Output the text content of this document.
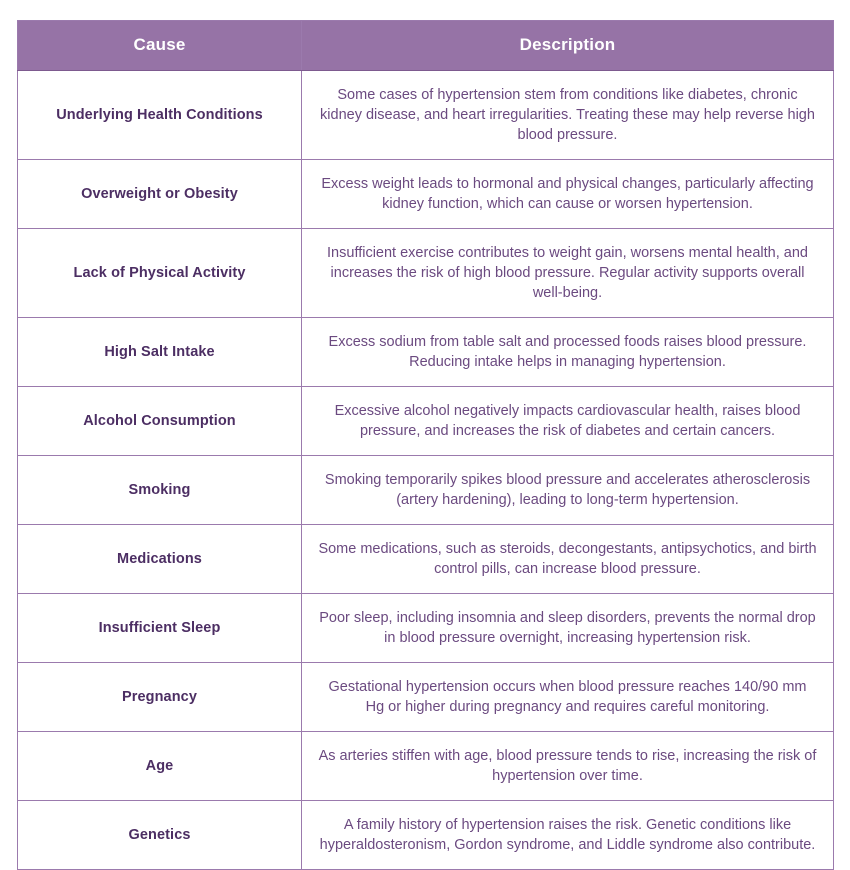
Cause	Description
Underlying Health Conditions	Some cases of hypertension stem from conditions like diabetes, chronic kidney disease, and heart irregularities. Treating these may help reverse high blood pressure.
Overweight or Obesity	Excess weight leads to hormonal and physical changes, particularly affecting kidney function, which can cause or worsen hypertension.
Lack of Physical Activity	Insufficient exercise contributes to weight gain, worsens mental health, and increases the risk of high blood pressure. Regular activity supports overall well-being.
High Salt Intake	Excess sodium from table salt and processed foods raises blood pressure. Reducing intake helps in managing hypertension.
Alcohol Consumption	Excessive alcohol negatively impacts cardiovascular health, raises blood pressure, and increases the risk of diabetes and certain cancers.
Smoking	Smoking temporarily spikes blood pressure and accelerates atherosclerosis (artery hardening), leading to long-term hypertension.
Medications	Some medications, such as steroids, decongestants, antipsychotics, and birth control pills, can increase blood pressure.
Insufficient Sleep	Poor sleep, including insomnia and sleep disorders, prevents the normal drop in blood pressure overnight, increasing hypertension risk.
Pregnancy	Gestational hypertension occurs when blood pressure reaches 140/90 mm Hg or higher during pregnancy and requires careful monitoring.
Age	As arteries stiffen with age, blood pressure tends to rise, increasing the risk of hypertension over time.
Genetics	A family history of hypertension raises the risk. Genetic conditions like hyperaldosteronism, Gordon syndrome, and Liddle syndrome also contribute.
